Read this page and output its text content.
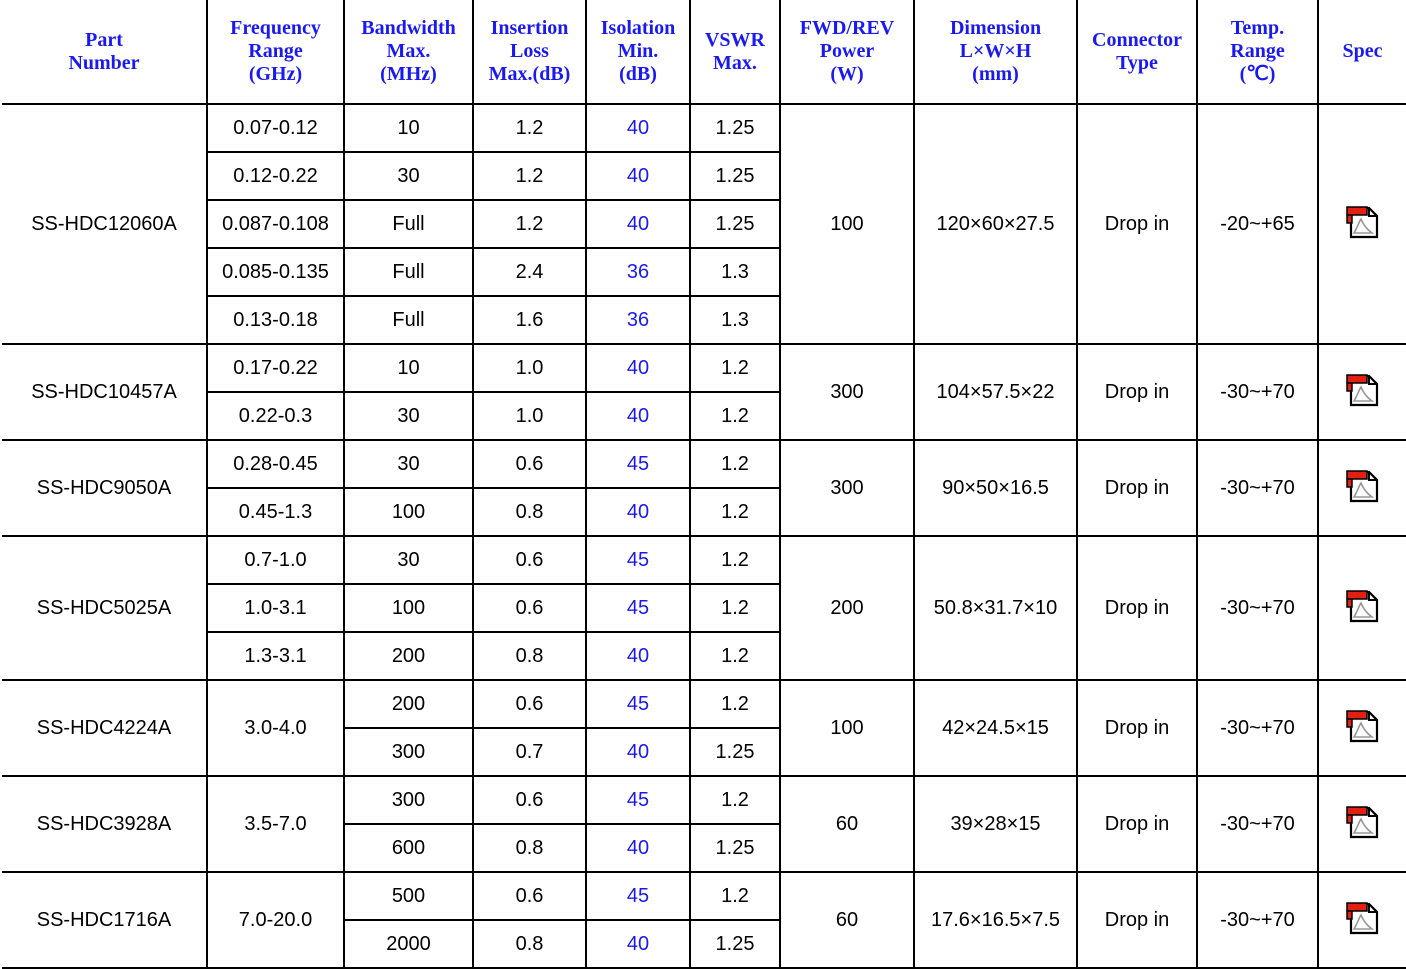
Part
Number	Frequency
Range
(GHz)	Bandwidth
Max.
(MHz)	Insertion
Loss
Max.(dB)	Isolation
Min.
(dB)	VSWR
Max.	FWD/REV
Power
(W)	Dimension
L×W×H
(mm)	Connector
Type	Temp.
Range
(℃)	Spec
SS-HDC12060A	0.07-0.12	10	1.2	40	1.25	100	120×60×27.5	Drop in	-20~+65	
	0.12-0.22	30	1.2	40	1.25					
	0.087-0.108	Full	1.2	40	1.25					
	0.085-0.135	Full	2.4	36	1.3					
	0.13-0.18	Full	1.6	36	1.3					
SS-HDC10457A	0.17-0.22	10	1.0	40	1.2	300	104×57.5×22	Drop in	-30~+70	
	0.22-0.3	30	1.0	40	1.2					
SS-HDC9050A	0.28-0.45	30	0.6	45	1.2	300	90×50×16.5	Drop in	-30~+70	
	0.45-1.3	100	0.8	40	1.2					
SS-HDC5025A	0.7-1.0	30	0.6	45	1.2	200	50.8×31.7×10	Drop in	-30~+70	
	1.0-3.1	100	0.6	45	1.2					
	1.3-3.1	200	0.8	40	1.2					
SS-HDC4224A	3.0-4.0	200	0.6	45	1.2	100	42×24.5×15	Drop in	-30~+70	
		300	0.7	40	1.25					
SS-HDC3928A	3.5-7.0	300	0.6	45	1.2	60	39×28×15	Drop in	-30~+70	
		600	0.8	40	1.25					
SS-HDC1716A	7.0-20.0	500	0.6	45	1.2	60	17.6×16.5×7.5	Drop in	-30~+70	
		2000	0.8	40	1.25					
